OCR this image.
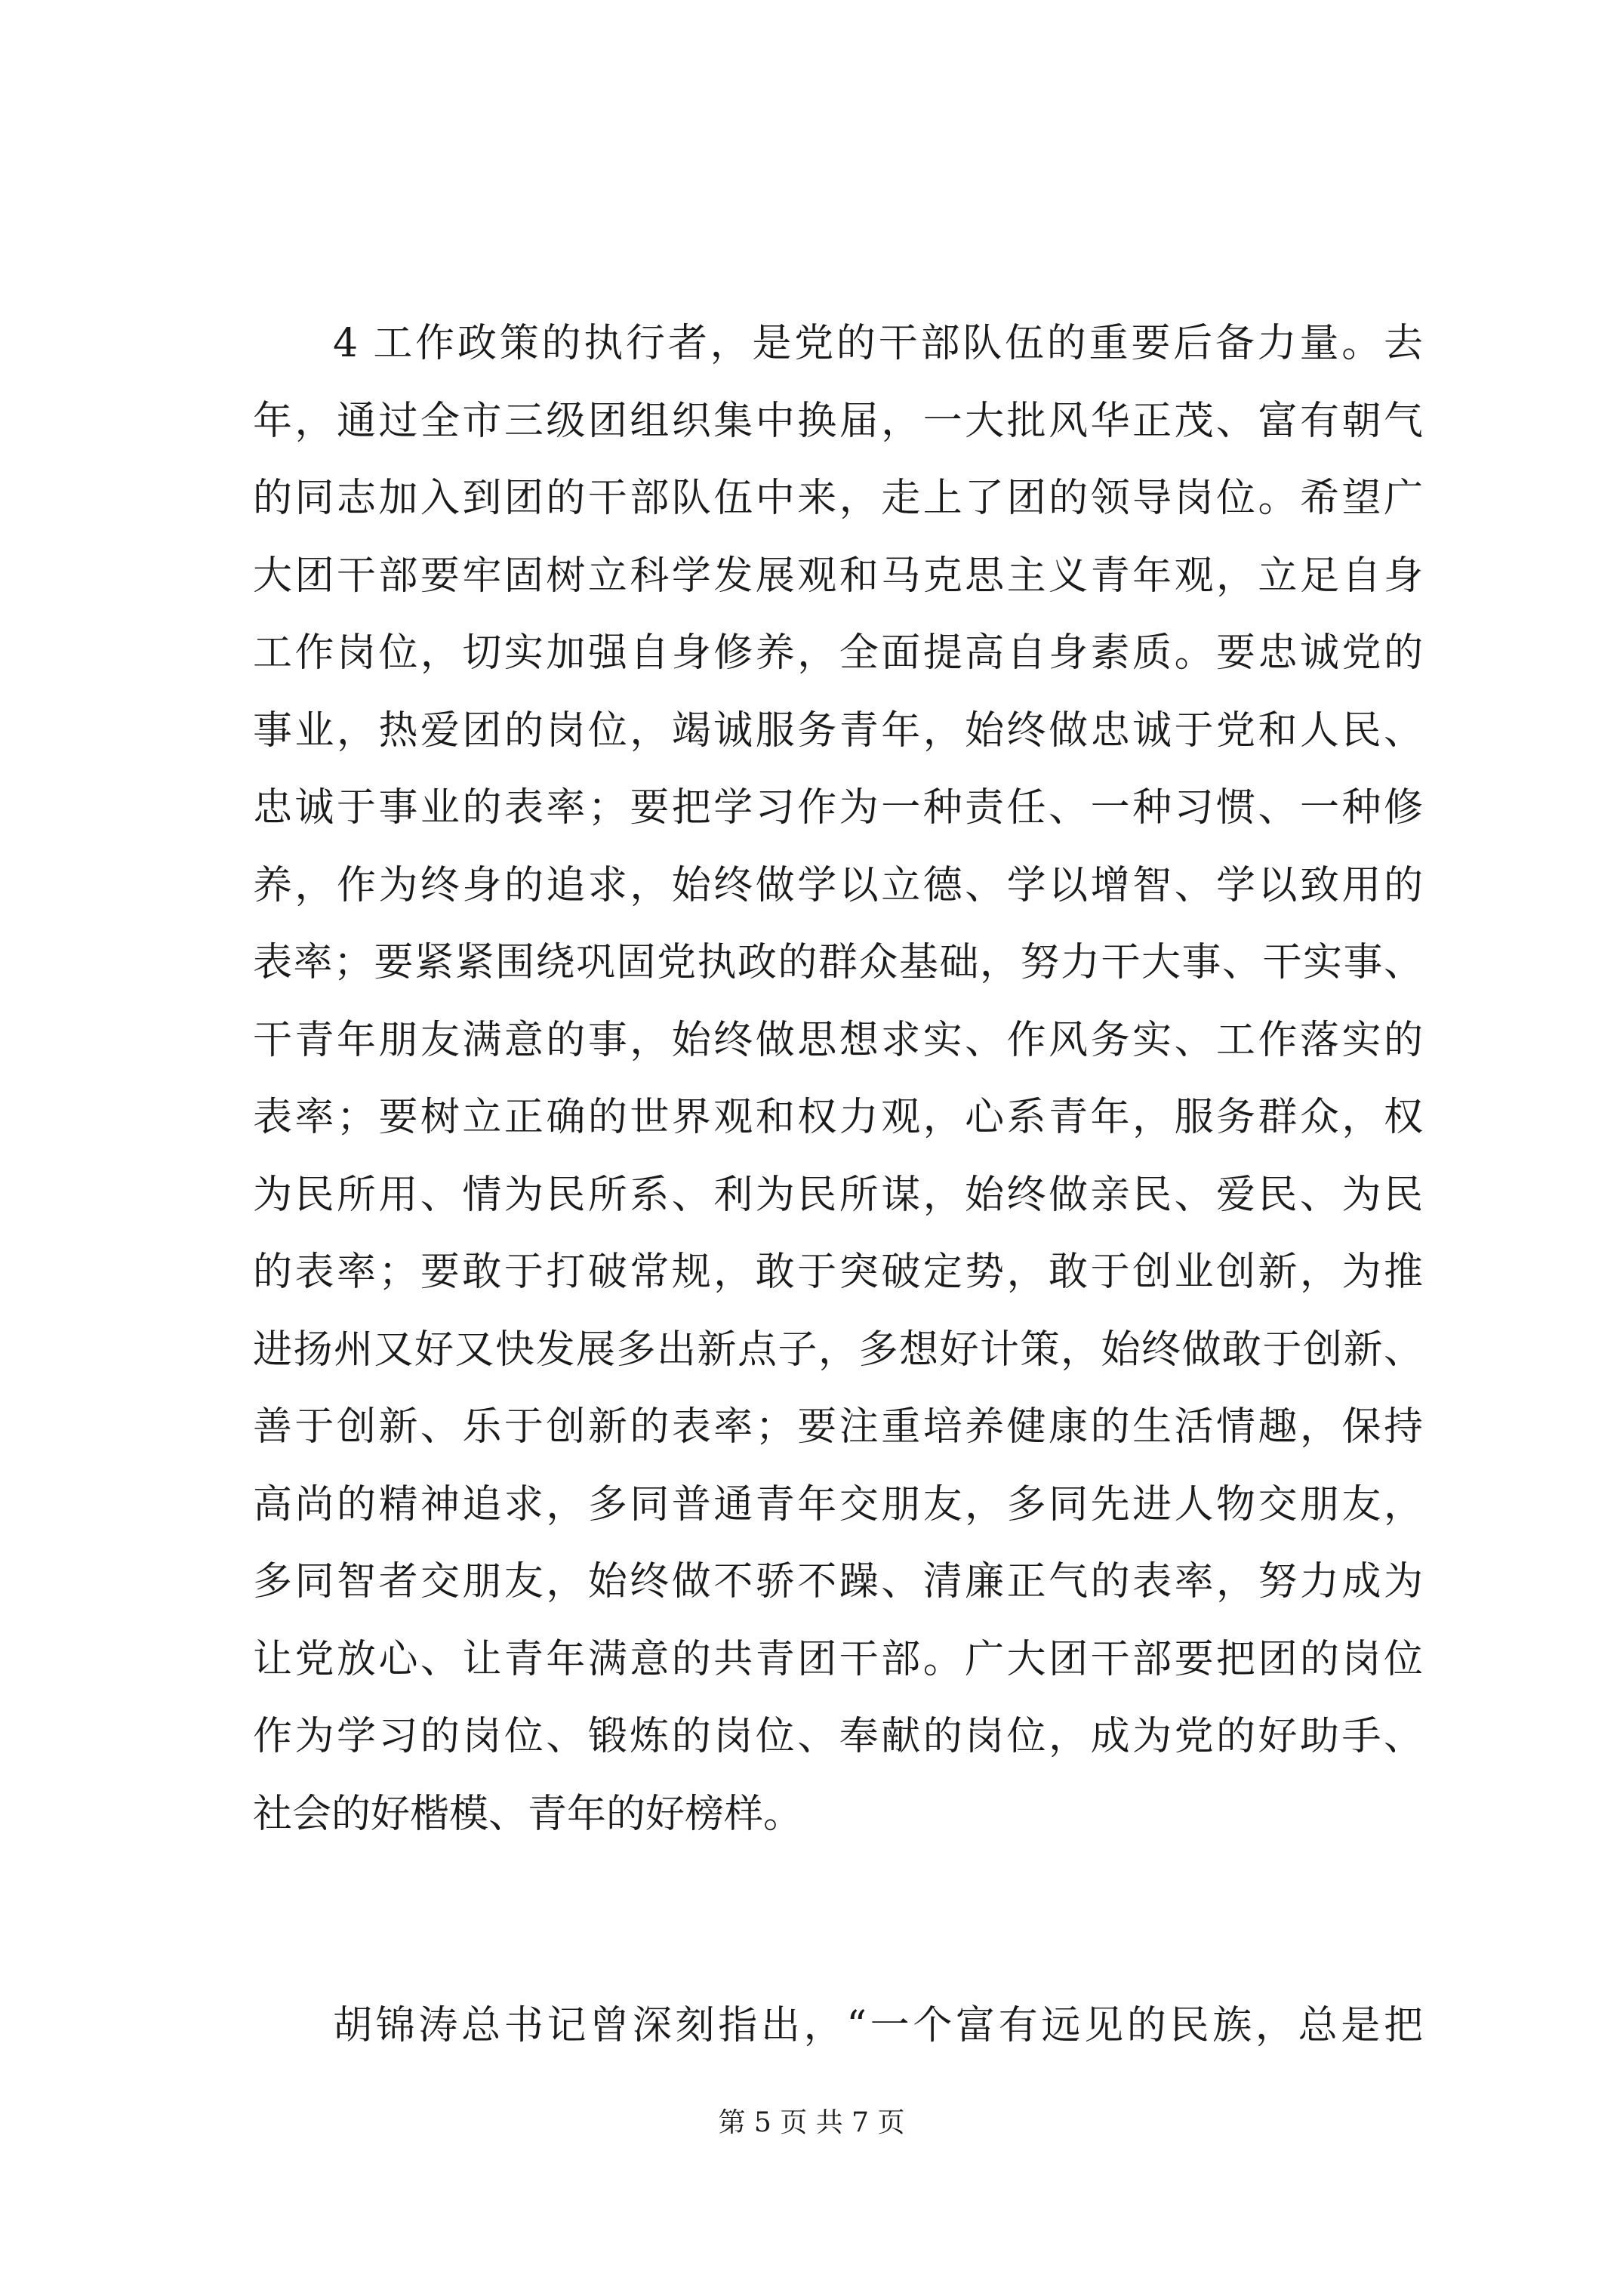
4 工作政策的执行者，是党的干部队伍的重要后备力量。去
年，通过全市三级团组织集中换届，一大批风华正茂、富有朝气
的同志加入到团的干部队伍中来，走上了团的领导岗位。希望广
大团干部要牢固树立科学发展观和马克思主义青年观，立足自身
工作岗位，切实加强自身修养，全面提高自身素质。要忠诚党的
事业，热爱团的岗位，竭诚服务青年，始终做忠诚于党和人民、
忠诚于事业的表率；要把学习作为一种责任、一种习惯、一种修
养，作为终身的追求，始终做学以立德、学以增智、学以致用的
表率；要紧紧围绕巩固党执政的群众基础，努力干大事、干实事、
干青年朋友满意的事，始终做思想求实、作风务实、工作落实的
表率；要树立正确的世界观和权力观，心系青年，服务群众，权
为民所用、情为民所系、利为民所谋，始终做亲民、爱民、为民
的表率；要敢于打破常规，敢于突破定势，敢于创业创新，为推
进扬州又好又快发展多出新点子，多想好计策，始终做敢于创新、
善于创新、乐于创新的表率；要注重培养健康的生活情趣，保持
高尚的精神追求，多同普通青年交朋友，多同先进人物交朋友，
多同智者交朋友，始终做不骄不躁、清廉正气的表率，努力成为
让党放心、让青年满意的共青团干部。广大团干部要把团的岗位
作为学习的岗位、锻炼的岗位、奉献的岗位，成为党的好助手、
社会的好楷模、青年的好榜样。
胡锦涛总书记曾深刻指出，“一个富有远见的民族，总是把
第 5 页 共 7 页
